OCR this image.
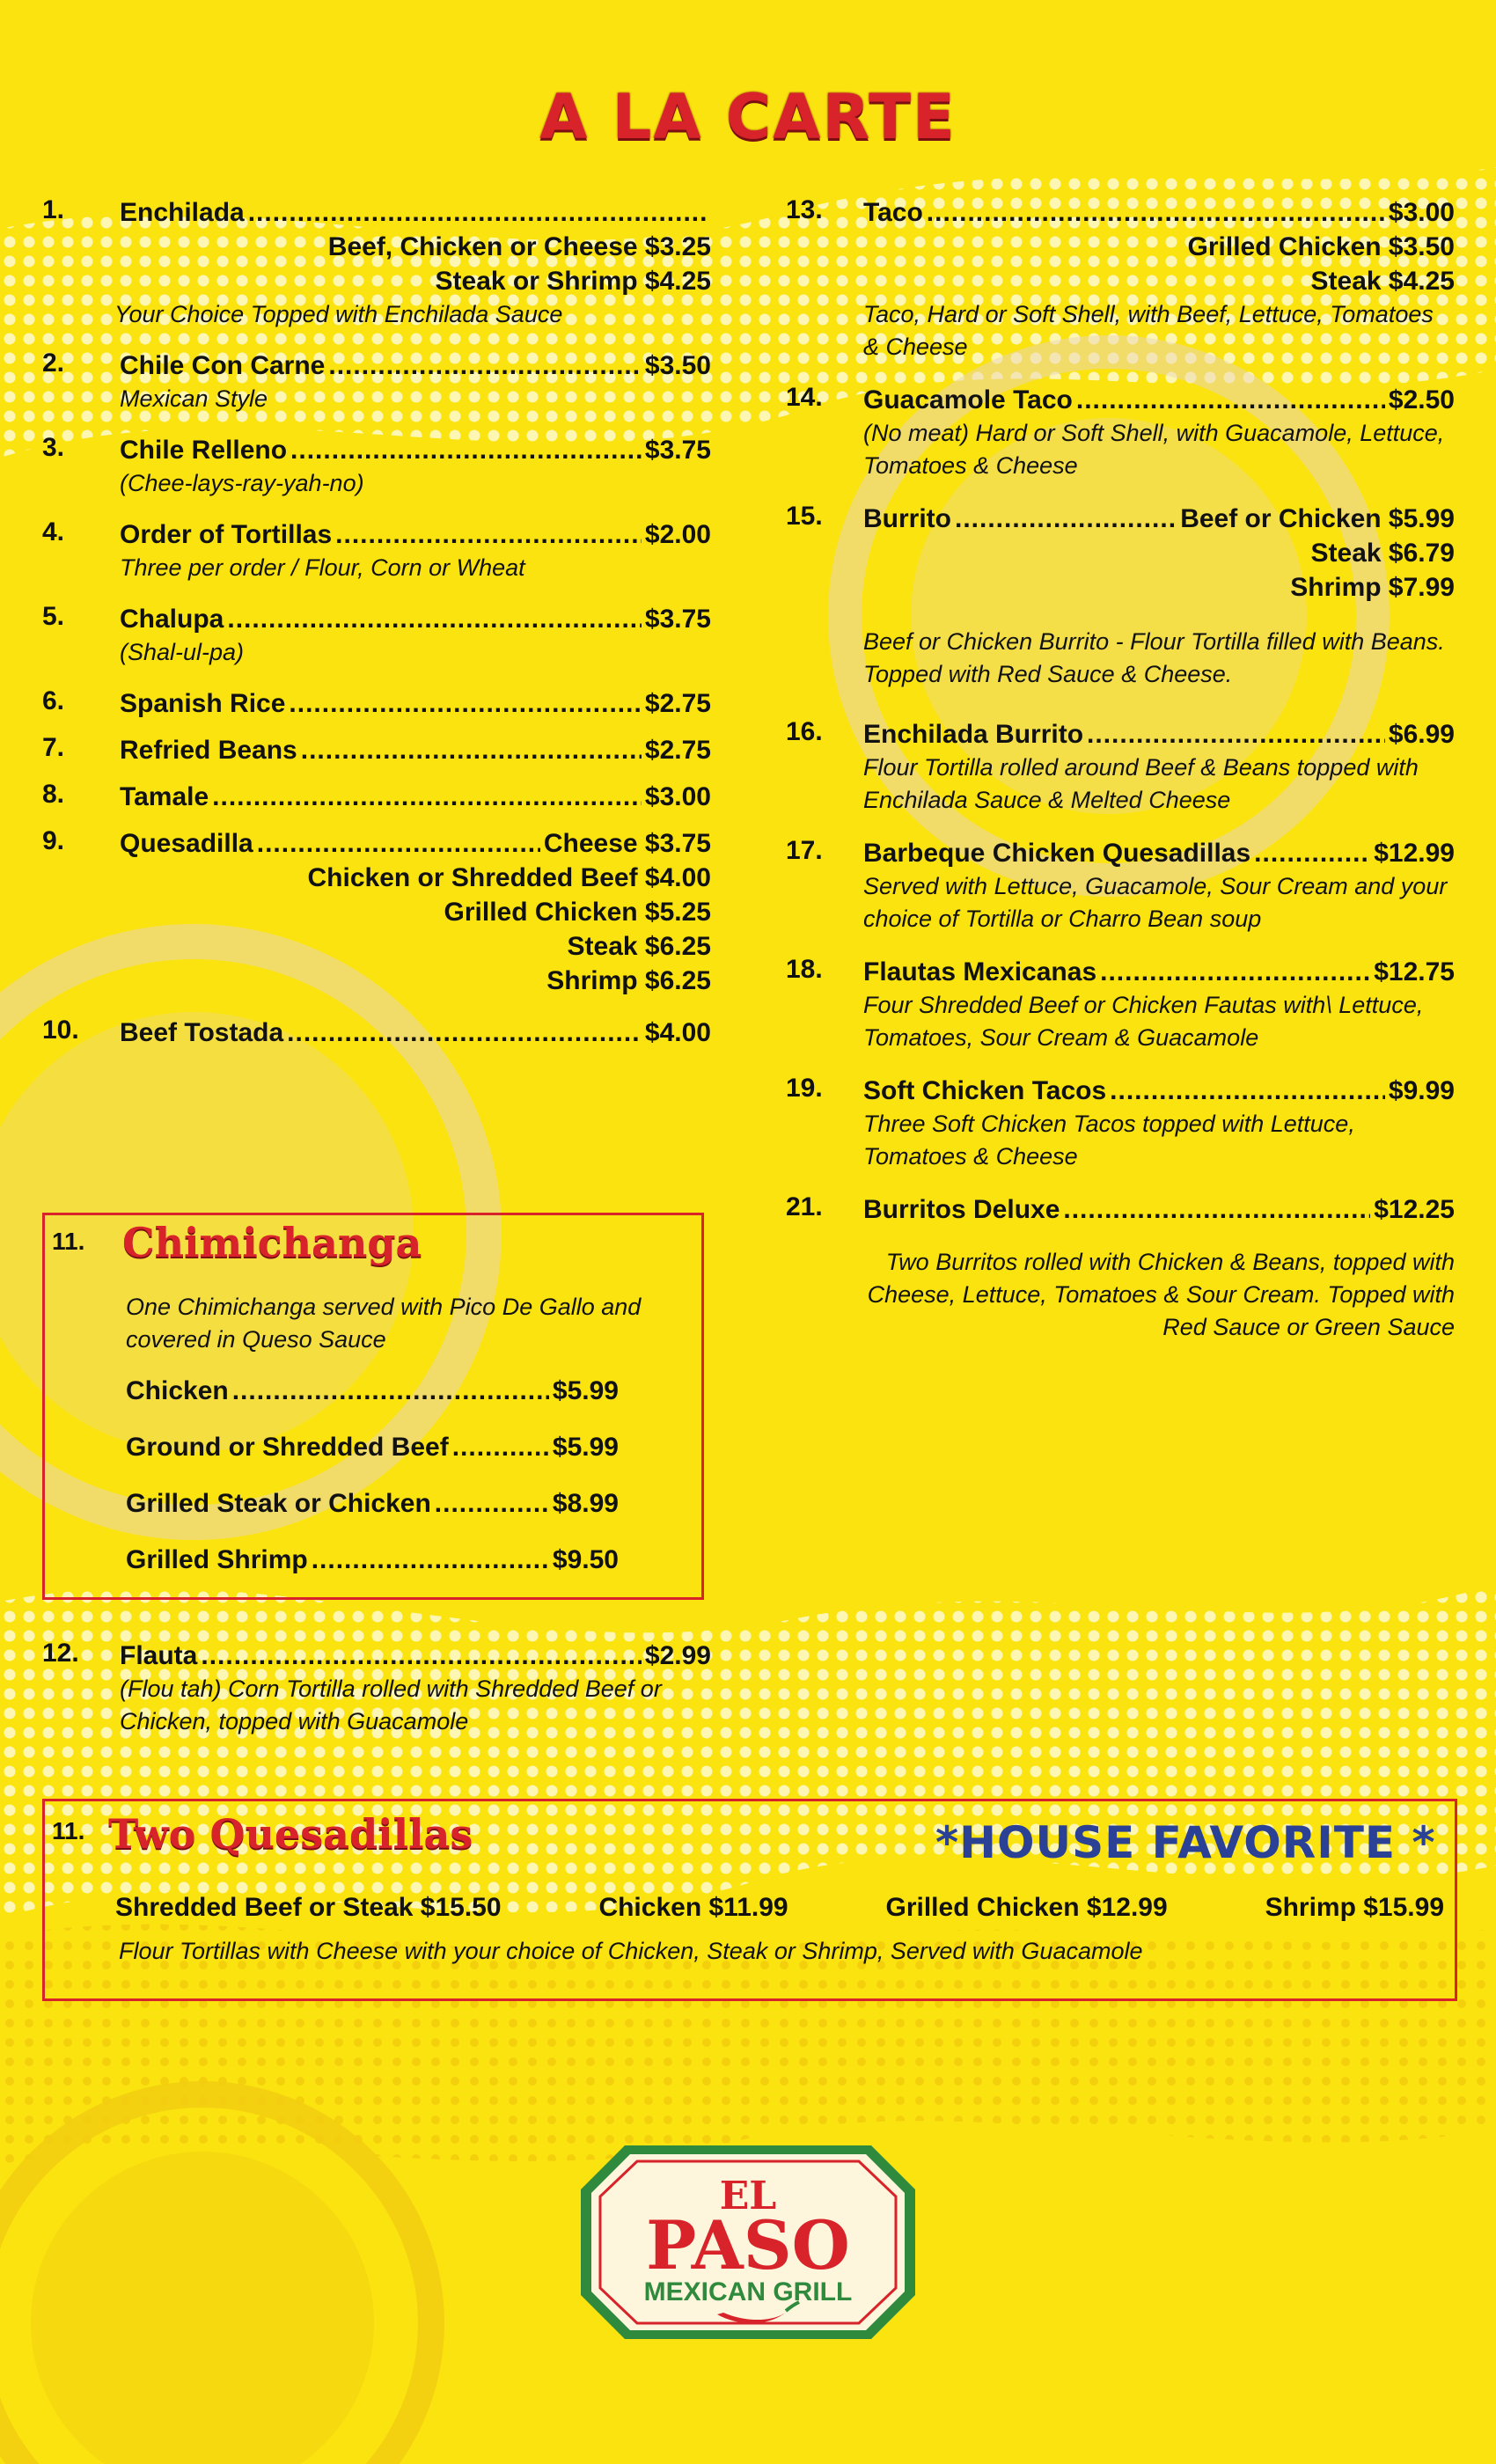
A LA CARTE
1. Enchilada
.....
Beef, Chicken or Cheese $3.25
Steak or Shrimp $4.25
Your Choice Topped with Enchilada Sauce
2. Chile Con Carne .....	$3.50
Mexican Style
3. Chile Relleno .....	$3.75
(Chee-lays-ray-yah-no)
4. Order of Tortillas .....	$2.00
Three per order / Flour, Corn or Wheat
5. Chalupa .....	$3.75
(Shal-ul-pa)
6. Spanish Rice .....	$2.75
7. Refried Beans .....	$2.75
8. Tamale .....	$3.00
9. Quesadilla .....	Cheese $3.75
Chicken or Shredded Beef $4.00
Grilled Chicken $5.25
Steak $6.25
Shrimp $6.25
10. Beef Tostada .....	$4.00
13. Taco .....	$3.00
Grilled Chicken $3.50
Steak $4.25
Taco, Hard or Soft Shell, with Beef, Lettuce, Tomatoes & Cheese
14. Guacamole Taco .....	$2.50
(No meat) Hard or Soft Shell, with Guacamole, Lettuce, Tomatoes & Cheese
15. Burrito .....	Beef or Chicken $5.99
Steak $6.79
Shrimp $7.99
Beef or Chicken Burrito - Flour Tortilla filled with Beans. Topped with Red Sauce & Cheese.
16. Enchilada Burrito .....	$6.99
Flour Tortilla rolled around Beef & Beans topped with Enchilada Sauce & Melted Cheese
17. Barbeque Chicken Quesadillas .....	$12.99
Served with Lettuce, Guacamole, Sour Cream and your choice of Tortilla or Charro Bean soup
18. Flautas Mexicanas .....	$12.75
Four Shredded Beef or Chicken Fautas with\ Lettuce, Tomatoes, Sour Cream & Guacamole
19. Soft Chicken Tacos .....	$9.99
Three Soft Chicken Tacos topped with Lettuce, Tomatoes & Cheese
21. Burritos Deluxe .....	$12.25
Two Burritos rolled with Chicken & Beans, topped with Cheese, Lettuce, Tomatoes & Sour Cream. Topped with Red Sauce or Green Sauce
11. Chimichanga
One Chimichanga served with Pico De Gallo and covered in Queso Sauce
Chicken .....	$5.99
Ground or Shredded Beef .....	$5.99
Grilled Steak or Chicken .....	$8.99
Grilled Shrimp .....	$9.50
12. Flauta .....	$2.99
(Flou tah) Corn Tortilla rolled with Shredded Beef or Chicken, topped with Guacamole
11. Two Quesadillas	*HOUSE FAVORITE *
Shredded Beef or Steak $15.50	Chicken $11.99	Grilled Chicken $12.99	Shrimp $15.99
Flour Tortillas with Cheese with your choice of Chicken, Steak or Shrimp, Served with Guacamole
EL
PASO
MEXICAN GRILL
